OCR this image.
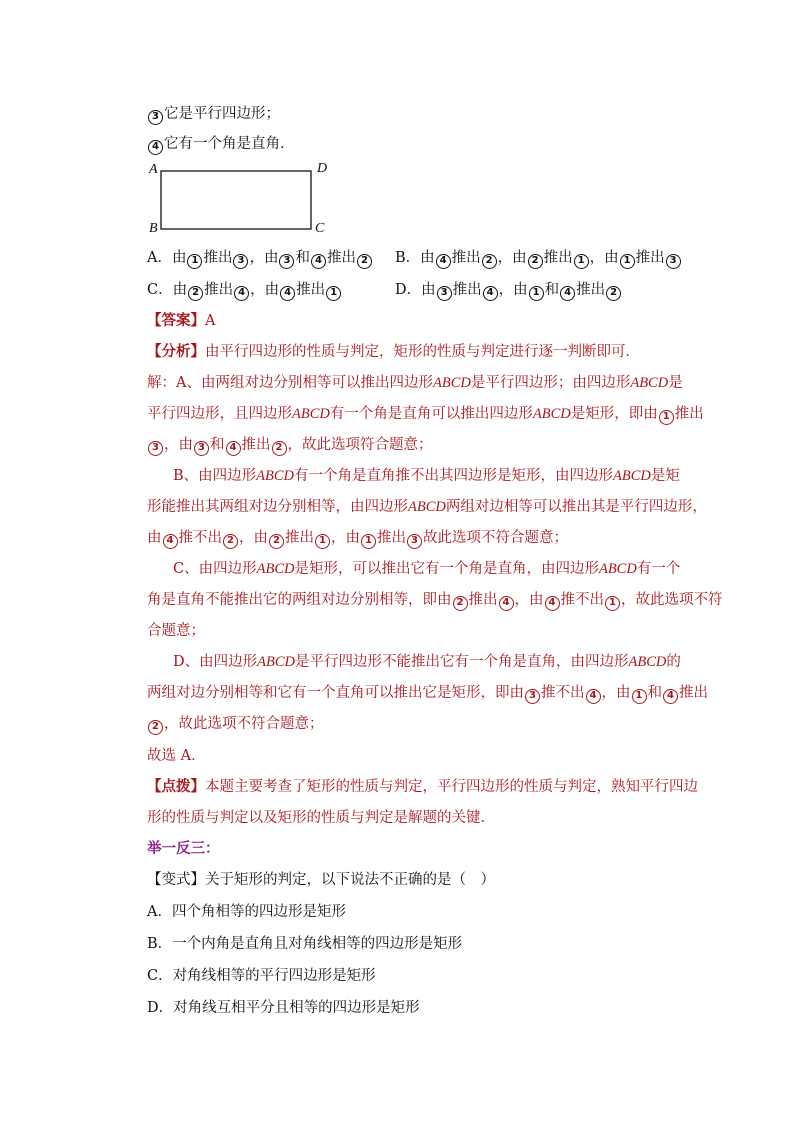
3 它是平行四边形；
4 它有一个角是直角．
A	D
B	C
A．由 1 推出 3 ，由 3 和 4 推出 2	B．由 4 推出 2 ，由 2 推出 1 ，由 1 推出 3
C．由 2 推出 4 ，由 4 推出 1	D．由 3 推出 4 ，由 1 和 4 推出 2
【答案】A
【分析】由平行四边形的性质与判定，矩形的性质与判定进行逐一判断即可．
解：A、由两组对边分别相等可以推出四边形ABCD是平行四边形；由四边形ABCD是
平行四边形，且四边形ABCD有一个角是直角可以推出四边形ABCD是矩形，即由 1 推出
3 ，由 3 和 4 推出 2 ，故此选项符合题意；
B、由四边形ABCD有一个角是直角推不出其四边形是矩形，由四边形ABCD是矩
形能推出其两组对边分别相等，由四边形ABCD两组对边相等可以推出其是平行四边形，
由 4 推不出 2 ，由 2 推出 1 ，由 1 推出 3 故此选项不符合题意；
C、由四边形ABCD是矩形，可以推出它有一个角是直角，由四边形ABCD有一个
角是直角不能推出它的两组对边分别相等，即由 2 推出 4 ，由 4 推不出 1 ，故此选项不符
合题意；
D、由四边形ABCD是平行四边形不能推出它有一个角是直角，由四边形ABCD的
两组对边分别相等和它有一个直角可以推出它是矩形，即由 3 推不出 4 ，由 1 和 4 推出
2 ，故此选项不符合题意；
故选 A．
【点拨】本题主要考查了矩形的性质与判定，平行四边形的性质与判定，熟知平行四边
形的性质与判定以及矩形的性质与判定是解题的关键．
举一反三：
【变式】关于矩形的判定，以下说法不正确的是（　）
A．四个角相等的四边形是矩形
B．一个内角是直角且对角线相等的四边形是矩形
C．对角线相等的平行四边形是矩形
D．对角线互相平分且相等的四边形是矩形
